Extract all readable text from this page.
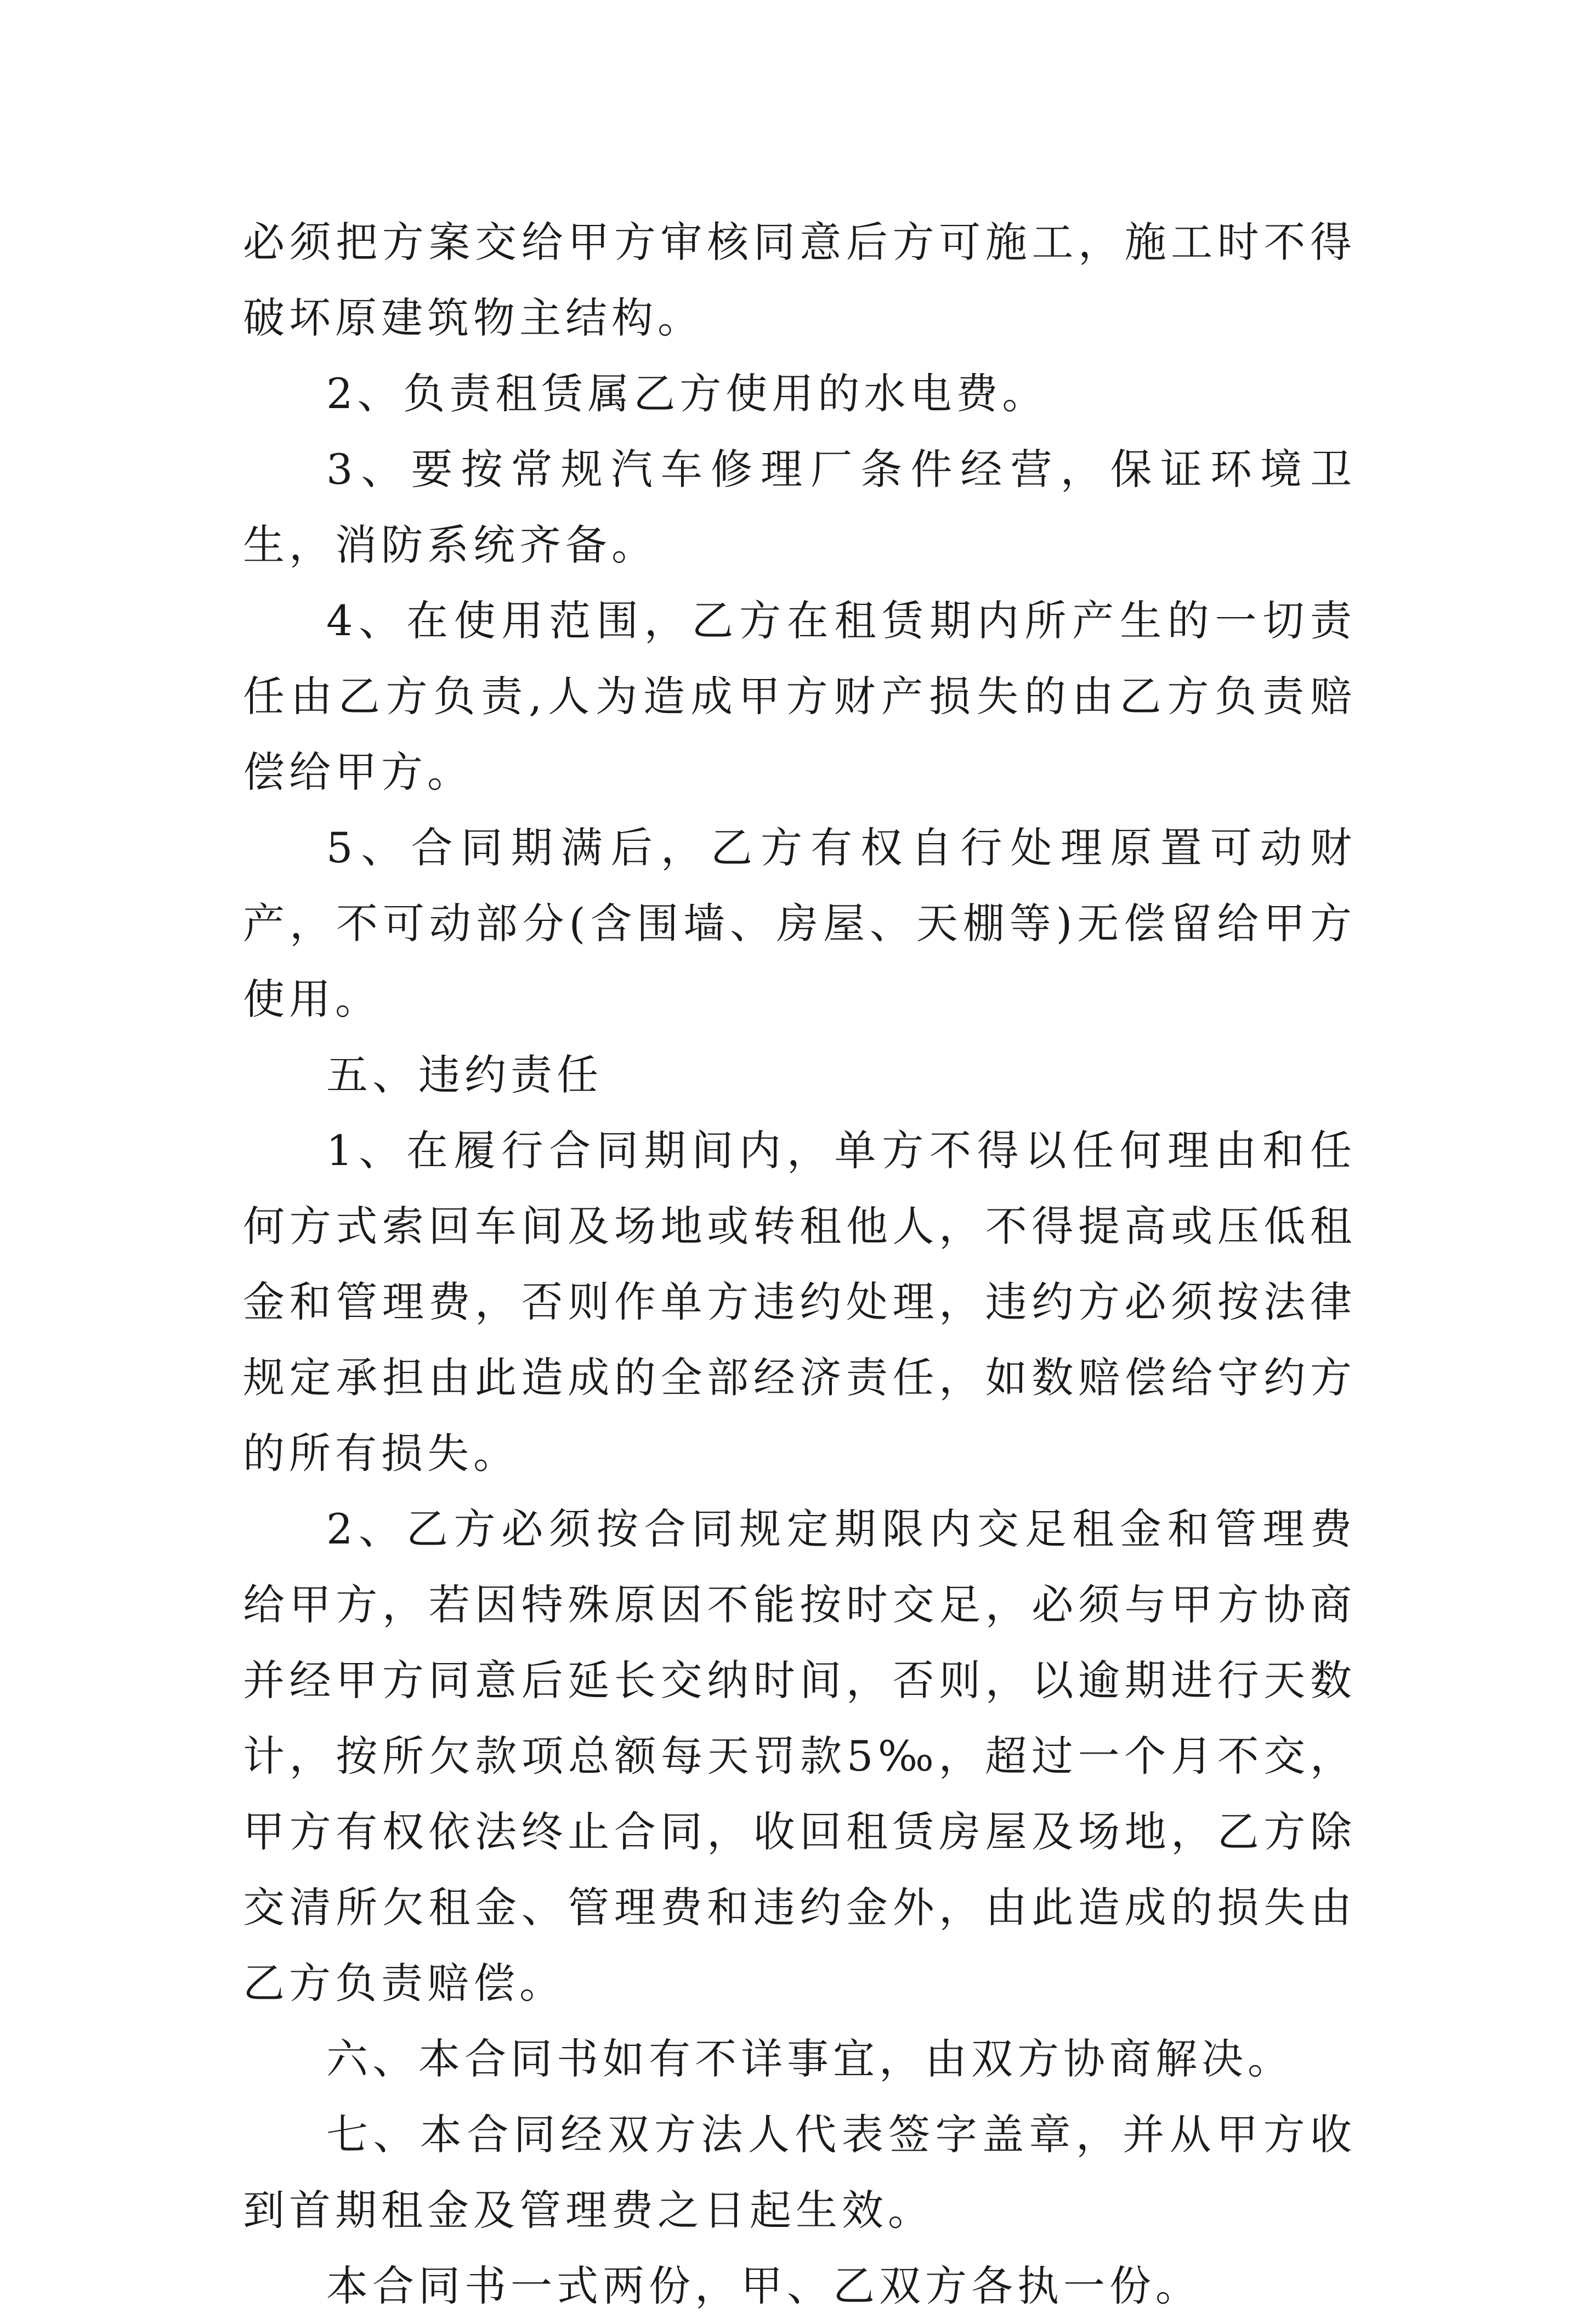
必须把方案交给甲方审核同意后方可施工，施工时不得破坏原建筑物主结构。

2、负责租赁属乙方使用的水电费。

3、要按常规汽车修理厂条件经营，保证环境卫生，消防系统齐备。

4、在使用范围，乙方在租赁期内所产生的一切责任由乙方负责,人为造成甲方财产损失的由乙方负责赔偿给甲方。

5、合同期满后，乙方有权自行处理原置可动财产，不可动部分(含围墙、房屋、天棚等)无偿留给甲方使用。

五、违约责任

1、在履行合同期间内，单方不得以任何理由和任何方式索回车间及场地或转租他人，不得提高或压低租金和管理费，否则作单方违约处理，违约方必须按法律规定承担由此造成的全部经济责任，如数赔偿给守约方的所有损失。

2、乙方必须按合同规定期限内交足租金和管理费给甲方，若因特殊原因不能按时交足，必须与甲方协商并经甲方同意后延长交纳时间，否则，以逾期进行天数计，按所欠款项总额每天罚款5‰，超过一个月不交，甲方有权依法终止合同，收回租赁房屋及场地，乙方除交清所欠租金、管理费和违约金外，由此造成的损失由乙方负责赔偿。

六、本合同书如有不详事宜，由双方协商解决。

七、本合同经双方法人代表签字盖章，并从甲方收到首期租金及管理费之日起生效。

本合同书一式两份，甲、乙双方各执一份。
